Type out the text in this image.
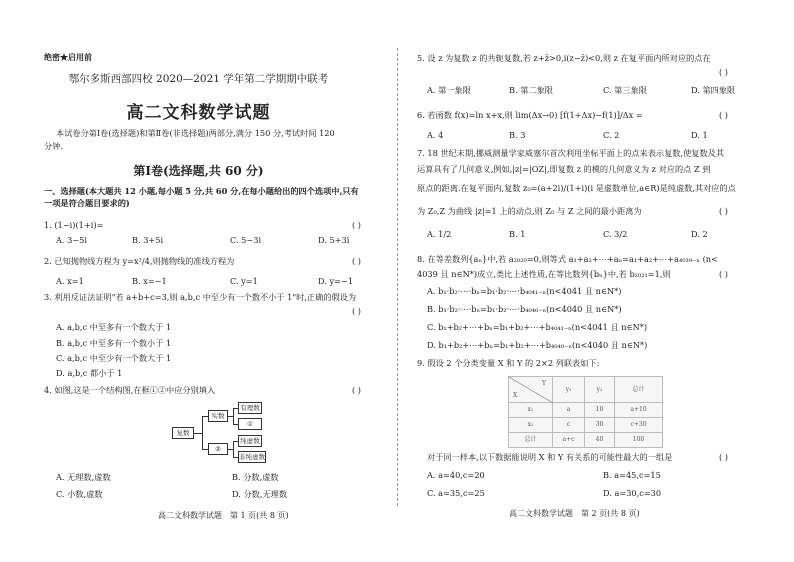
绝密★启用前
鄂尔多斯西部四校 2020—2021 学年第二学期期中联考
高二文科数学试题
本试卷分第Ⅰ卷(选择题)和第Ⅱ卷(非选择题)两部分,满分 150 分,考试时间 120
分钟.
第Ⅰ卷(选择题,共 60 分)
一、选择题(本大题共 12 小题,每小题 5 分,共 60 分,在每小题给出的四个选项中,只有
一项是符合题目要求的)
1. (1−i)(1+i)=	( )
A. 3−5i	B. 3+5i	C. 5−3i	D. 5+3i
2. 已知抛物线方程为 y=x²/4,则抛物线的准线方程为	( )
A. x=1	B. x=−1	C. y=1	D. y=−1
3. 利用反证法证明"若 a+b+c=3,则 a,b,c 中至少有一个数不小于 1"时,正确的假设为
( )
A. a,b,c 中至多有一个数大于 1
B. a,b,c 中至多有一个数小于 1
C. a,b,c 中至少有一个数大于 1
D. a,b,c 都小于 1
4. 如图,这是一个结构图,在框①②中应分别填入	( )
复数
实数
②
有理数
①
纯虚数
非纯虚数
A. 无理数,虚数	B. 分数,虚数
C. 小数,虚数	D. 分数,无理数
高二文科数学试题　第 1 页(共 8 页)
5. 设 z 为复数 z 的共轭复数,若 z+z̄>0,i(z−z̄)<0,则 z 在复平面内所对应的点在
( )
A. 第一象限	B. 第二象限	C. 第三象限	D. 第四象限
6. 若函数 f(x)=ln x+x,则 lim(Δx→0) [f(1+Δx)−f(1)]/Δx =	( )
A. 4	B. 3	C. 2	D. 1
7. 18 世纪末期,挪威测量学家威塞尔首次利用坐标平面上的点来表示复数,使复数及其
运算具有了几何意义,例如,|z|=|OZ|,即复数 z 的模的几何意义为 z 对应的点 Z 到
原点的距离.在复平面内,复数 z₀=(a+2i)/(1+i)(i 是虚数单位,a∈R)是纯虚数,其对应的点
为 Z₀,Z 为曲线 |z|=1 上的动点,则 Z₀ 与 Z 之间的最小距离为	( )
A. 1/2	B. 1	C. 3/2	D. 2
8. 在等差数列{aₙ}中,若 a₂₀₂₀=0,则等式 a₁+a₂+⋯+aₙ=a₁+a₂+⋯+a₄₀₃₉₋ₙ (n<
4039 且 n∈N*)成立,类比上述性质,在等比数列{bₙ}中,若 b₂₀₂₁=1,则	( )
A. b₁·b₂·⋯·bₙ=b₁·b₂·⋯·b₄₀₄₁₋ₙ(n<4041 且 n∈N*)
B. b₁·b₂·⋯·bₙ=b₁·b₂·⋯·b₄₀₄₀₋ₙ(n<4040 且 n∈N*)
C. b₁+b₂+⋯+bₙ=b₁+b₂+⋯+b₄₀₄₁₋ₙ(n<4041 且 n∈N*)
D. b₁+b₂+⋯+bₙ=b₁+b₂+⋯+b₄₀₄₀₋ₙ(n<4040 且 n∈N*)
9. 假设 2 个分类变量 X 和 Y 的 2×2 列联表如下:
对于同一样本,以下数据能说明 X 和 Y 有关系的可能性最大的一组是	( )
A. a=40,c=20	B. a=45,c=15
C. a=35,c=25	D. a=30,c=30
高二文科数学试题　第 2 页(共 8 页)
Y
X	y₁	y₂	总计
x₁	a	10	a+10
x₂	c	30	c+30
总计	a+c	40	100
